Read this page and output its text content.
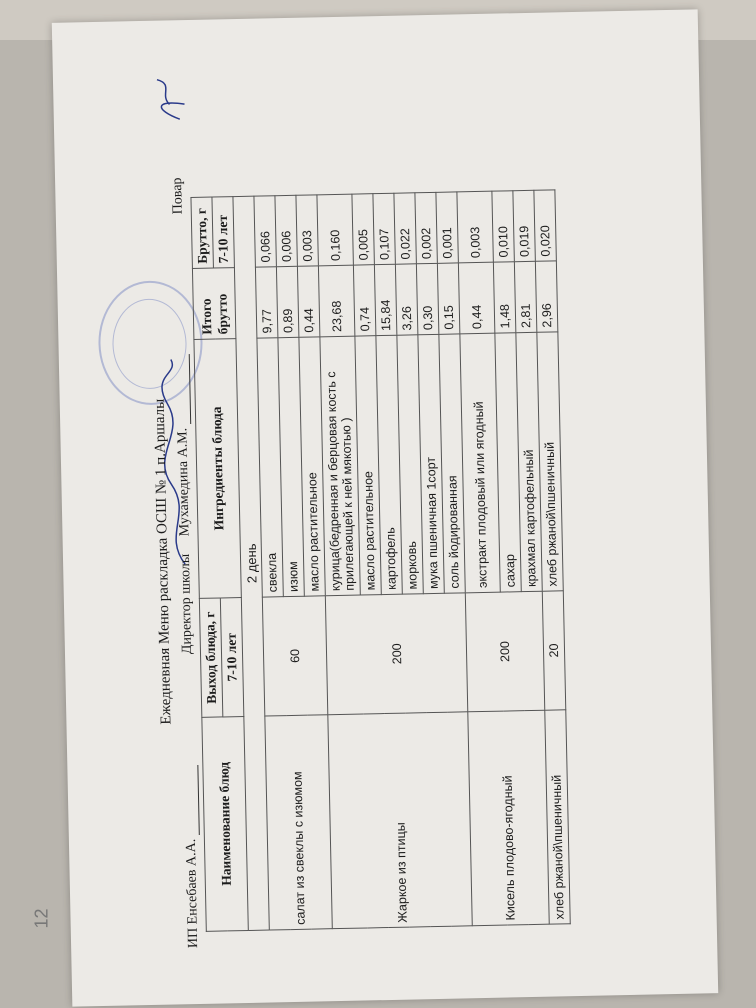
12
Ежедневная Меню раскладка ОСШ № 1 п.Аршалы
ИП Енсебаев А.А.
Директор школы     Мухамедина А.М.
Повар
Наименование блюд	Выход блюда, г	Ингредиенты блюда	Итого брутто	Брутто, г
	7-10 лет			7-10 лет
2 день				
салат из свеклы с изюмом	60	свекла	9,77	0,066
		изюм	0,89	0,006
		масло растительное	0,44	0,003
Жаркое из птицы	200	курица(бедренная и берцовая кость с прилегающей к ней мякотью )	23,68	0,160
		масло растительное	0,74	0,005
		картофель	15,84	0,107
		морковь	3,26	0,022
		мука пшеничная 1сорт	0,30	0,002
		соль йодированная	0,15	0,001
Кисель плодово-ягодный	200	экстракт плодовый или ягодный	0,44	0,003
		сахар	1,48	0,010
		крахмал картофельный	2,81	0,019
хлеб ржаной\пшеничный	20	хлеб ржаной\пшеничный	2,96	0,020
